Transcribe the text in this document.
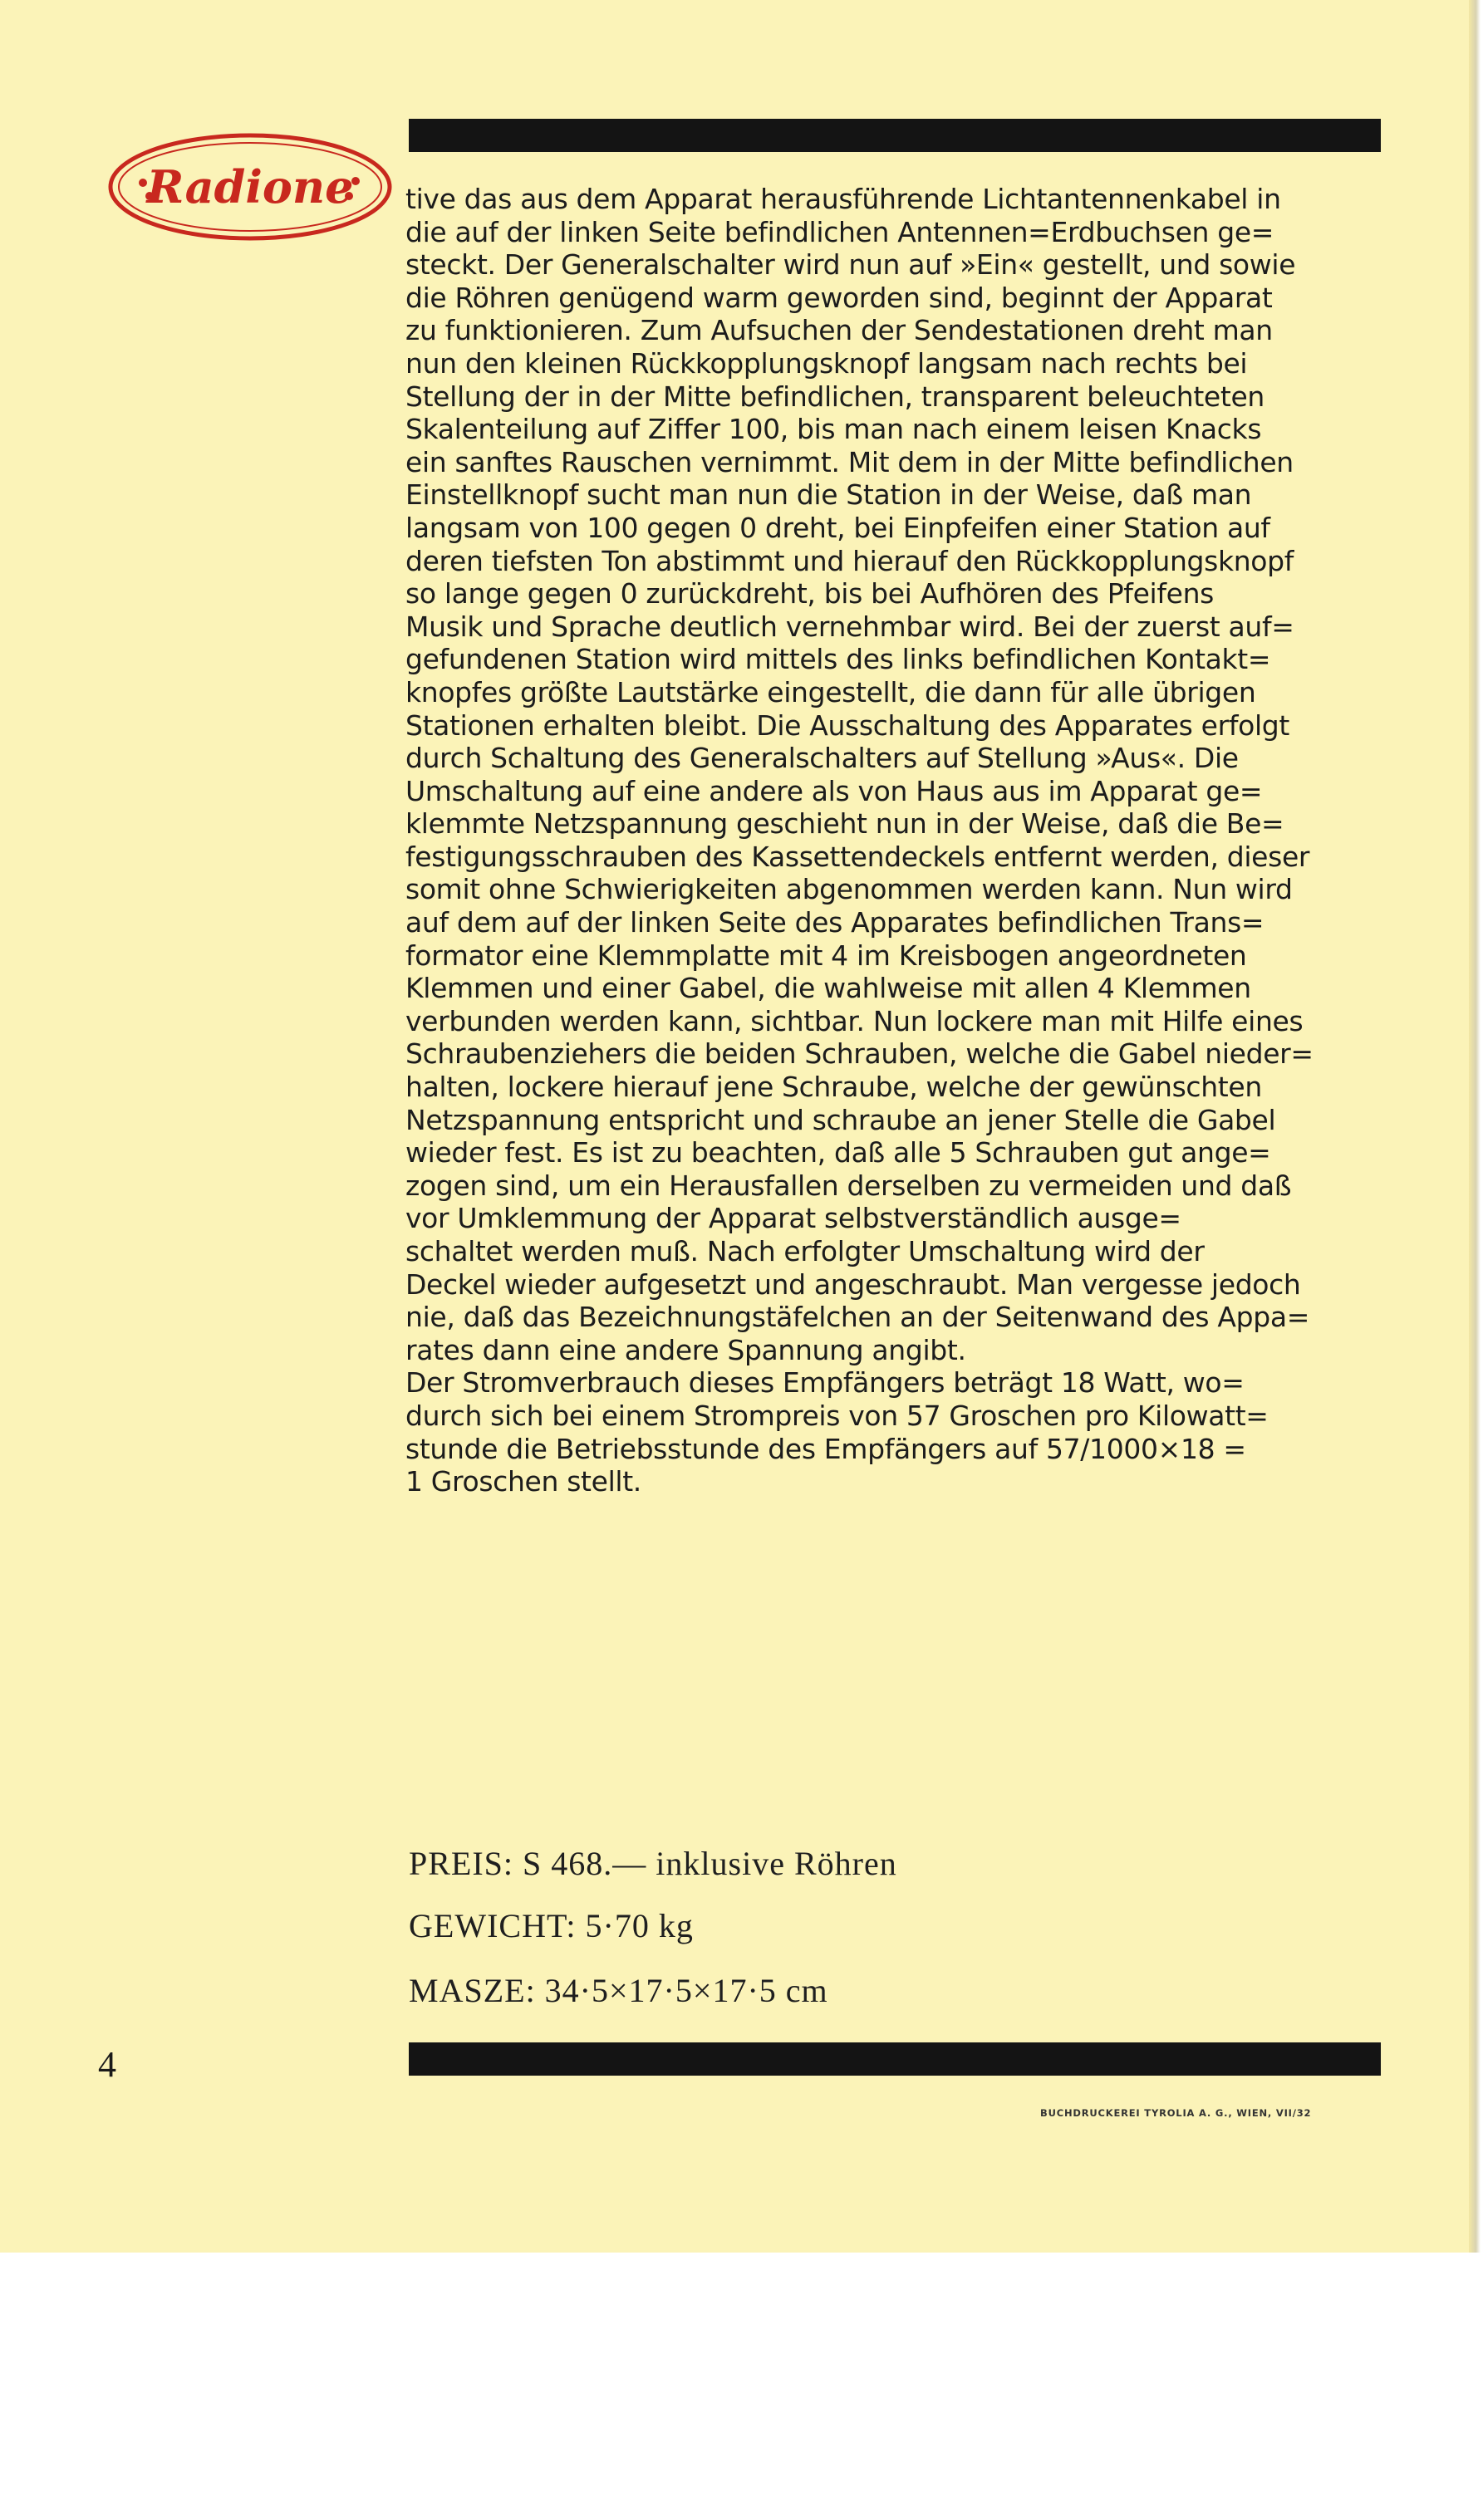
Radione tive das aus dem Apparat herausführende Lichtantennenkabel in
die auf der linken Seite befindlichen Antennen=Erdbuchsen ge=
steckt. Der Generalschalter wird nun auf »Ein« gestellt, und sowie
die Röhren genügend warm geworden sind, beginnt der Apparat
zu funktionieren. Zum Aufsuchen der Sendestationen dreht man
nun den kleinen Rückkopplungsknopf langsam nach rechts bei
Stellung der in der Mitte befindlichen, transparent beleuchteten
Skalenteilung auf Ziffer 100, bis man nach einem leisen Knacks
ein sanftes Rauschen vernimmt. Mit dem in der Mitte befindlichen
Einstellknopf sucht man nun die Station in der Weise, daß man
langsam von 100 gegen 0 dreht, bei Einpfeifen einer Station auf
deren tiefsten Ton abstimmt und hierauf den Rückkopplungsknopf
so lange gegen 0 zurückdreht, bis bei Aufhören des Pfeifens
Musik und Sprache deutlich vernehmbar wird. Bei der zuerst auf=
gefundenen Station wird mittels des links befindlichen Kontakt=
knopfes größte Lautstärke eingestellt, die dann für alle übrigen
Stationen erhalten bleibt. Die Ausschaltung des Apparates erfolgt
durch Schaltung des Generalschalters auf Stellung »Aus«. Die
Umschaltung auf eine andere als von Haus aus im Apparat ge=
klemmte Netzspannung geschieht nun in der Weise, daß die Be=
festigungsschrauben des Kassettendeckels entfernt werden, dieser
somit ohne Schwierigkeiten abgenommen werden kann. Nun wird
auf dem auf der linken Seite des Apparates befindlichen Trans=
formator eine Klemmplatte mit 4 im Kreisbogen angeordneten
Klemmen und einer Gabel, die wahlweise mit allen 4 Klemmen
verbunden werden kann, sichtbar. Nun lockere man mit Hilfe eines
Schraubenziehers die beiden Schrauben, welche die Gabel nieder=
halten, lockere hierauf jene Schraube, welche der gewünschten
Netzspannung entspricht und schraube an jener Stelle die Gabel
wieder fest. Es ist zu beachten, daß alle 5 Schrauben gut ange=
zogen sind, um ein Herausfallen derselben zu vermeiden und daß
vor Umklemmung der Apparat selbstverständlich ausge=
schaltet werden muß. Nach erfolgter Umschaltung wird der
Deckel wieder aufgesetzt und angeschraubt. Man vergesse jedoch
nie, daß das Bezeichnungstäfelchen an der Seitenwand des Appa=
rates dann eine andere Spannung angibt.
Der Stromverbrauch dieses Empfängers beträgt 18 Watt, wo=
durch sich bei einem Strompreis von 57 Groschen pro Kilowatt=
stunde die Betriebsstunde des Empfängers auf 57/1000×18 =
1 Groschen stellt.
PREIS: S 468.— inklusive Röhren
GEWICHT: 5·70 kg
MASZE: 34·5×17·5×17·5 cm
4
BUCHDRUCKEREI TYROLIA A. G., WIEN, VII/32
